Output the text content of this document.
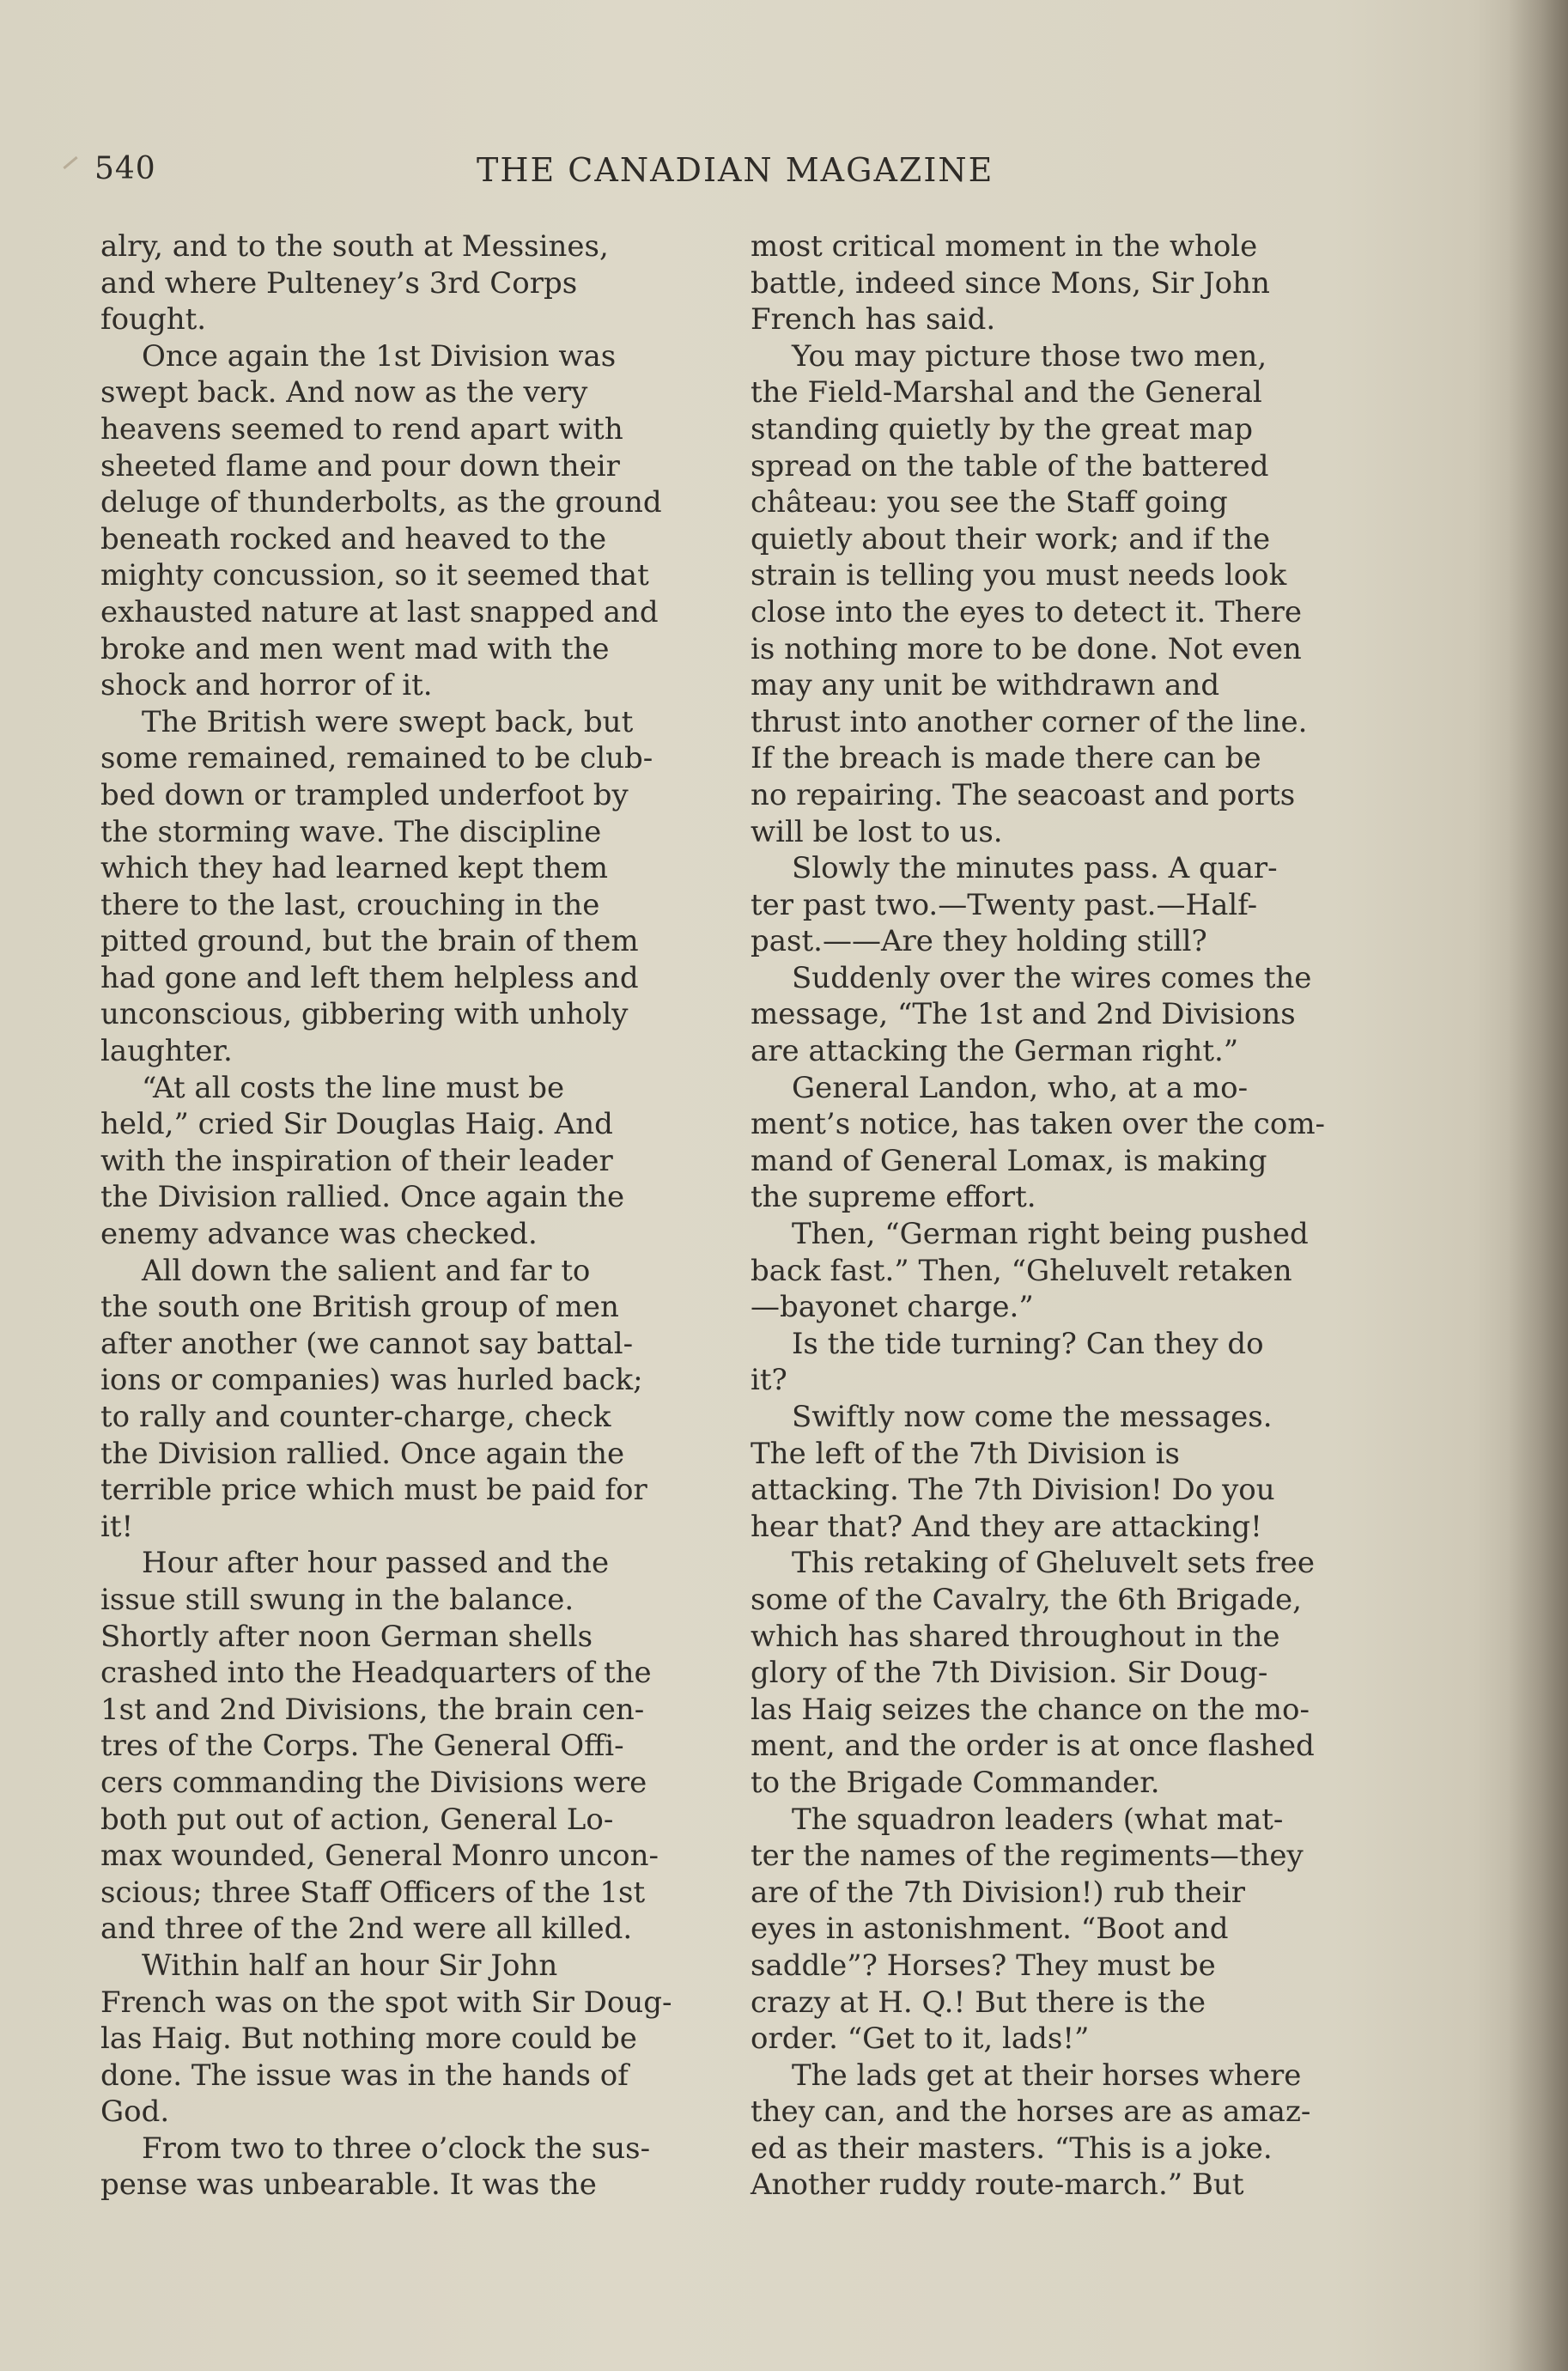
540	THE CANADIAN MAGAZINE
alry, and to the south at Messines,
and where Pulteney’s 3rd Corps
fought.
Once again the 1st Division was
swept back. And now as the very
heavens seemed to rend apart with
sheeted flame and pour down their
deluge of thunderbolts, as the ground
beneath rocked and heaved to the
mighty concussion, so it seemed that
exhausted nature at last snapped and
broke and men went mad with the
shock and horror of it.
The British were swept back, but
some remained, remained to be club-
bed down or trampled underfoot by
the storming wave. The discipline
which they had learned kept them
there to the last, crouching in the
pitted ground, but the brain of them
had gone and left them helpless and
unconscious, gibbering with unholy
laughter.
“At all costs the line must be
held,” cried Sir Douglas Haig. And
with the inspiration of their leader
the Division rallied. Once again the
enemy advance was checked.
All down the salient and far to
the south one British group of men
after another (we cannot say battal-
ions or companies) was hurled back;
to rally and counter-charge, check
the Division rallied. Once again the
terrible price which must be paid for
it!
Hour after hour passed and the
issue still swung in the balance.
Shortly after noon German shells
crashed into the Headquarters of the
1st and 2nd Divisions, the brain cen-
tres of the Corps. The General Offi-
cers commanding the Divisions were
both put out of action, General Lo-
max wounded, General Monro uncon-
scious; three Staff Officers of the 1st
and three of the 2nd were all killed.
Within half an hour Sir John
French was on the spot with Sir Doug-
las Haig. But nothing more could be
done. The issue was in the hands of
God.
From two to three o’clock the sus-
pense was unbearable. It was the
most critical moment in the whole
battle, indeed since Mons, Sir John
French has said.
You may picture those two men,
the Field-Marshal and the General
standing quietly by the great map
spread on the table of the battered
château: you see the Staff going
quietly about their work; and if the
strain is telling you must needs look
close into the eyes to detect it. There
is nothing more to be done. Not even
may any unit be withdrawn and
thrust into another corner of the line.
If the breach is made there can be
no repairing. The seacoast and ports
will be lost to us.
Slowly the minutes pass. A quar-
ter past two.—Twenty past.—Half-
past.——Are they holding still?
Suddenly over the wires comes the
message, “The 1st and 2nd Divisions
are attacking the German right.”
General Landon, who, at a mo-
ment’s notice, has taken over the com-
mand of General Lomax, is making
the supreme effort.
Then, “German right being pushed
back fast.” Then, “Gheluvelt retaken
—bayonet charge.”
Is the tide turning? Can they do
it?
Swiftly now come the messages.
The left of the 7th Division is
attacking. The 7th Division! Do you
hear that? And they are attacking!
This retaking of Gheluvelt sets free
some of the Cavalry, the 6th Brigade,
which has shared throughout in the
glory of the 7th Division. Sir Doug-
las Haig seizes the chance on the mo-
ment, and the order is at once flashed
to the Brigade Commander.
The squadron leaders (what mat-
ter the names of the regiments—they
are of the 7th Division!) rub their
eyes in astonishment. “Boot and
saddle”? Horses? They must be
crazy at H. Q.! But there is the
order. “Get to it, lads!”
The lads get at their horses where
they can, and the horses are as amaz-
ed as their masters. “This is a joke.
Another ruddy route-march.” But
